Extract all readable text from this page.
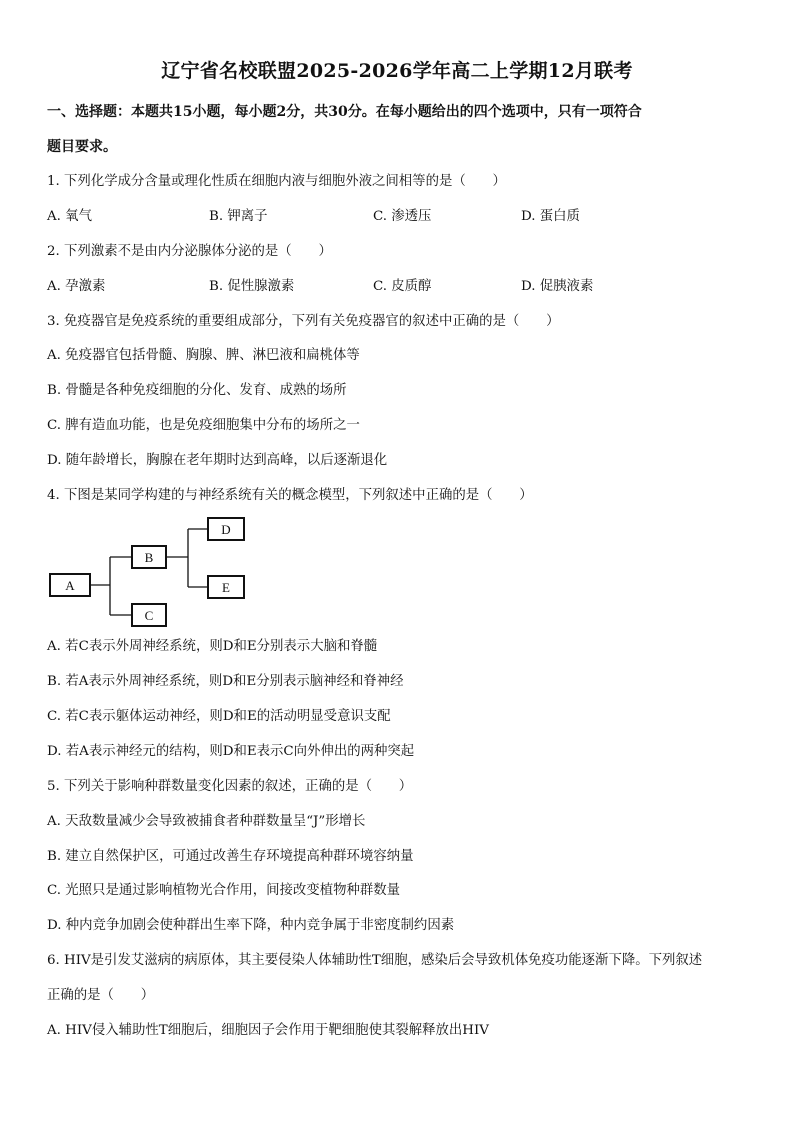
辽宁省名校联盟2025-2026学年高二上学期12月联考
一、选择题：本题共15小题，每小题2分，共30分。在每小题给出的四个选项中，只有一项符合
题目要求。
1. 下列化学成分含量或理化性质在细胞内液与细胞外液之间相等的是（　　）
A. 氧气	B. 钾离子	C. 渗透压	D. 蛋白质
2. 下列激素不是由内分泌腺体分泌的是（　　）
A. 孕激素	B. 促性腺激素	C. 皮质醇	D. 促胰液素
3. 免疫器官是免疫系统的重要组成部分，下列有关免疫器官的叙述中正确的是（　　）
A. 免疫器官包括骨髓、胸腺、脾、淋巴液和扁桃体等
B. 骨髓是各种免疫细胞的分化、发育、成熟的场所
C. 脾有造血功能，也是免疫细胞集中分布的场所之一
D. 随年龄增长，胸腺在老年期时达到高峰，以后逐渐退化
4. 下图是某同学构建的与神经系统有关的概念模型，下列叙述中正确的是（　　）
A
B
C
D
E
A. 若C表示外周神经系统，则D和E分别表示大脑和脊髓
B. 若A表示外周神经系统，则D和E分别表示脑神经和脊神经
C. 若C表示躯体运动神经，则D和E的活动明显受意识支配
D. 若A表示神经元的结构，则D和E表示C向外伸出的两种突起
5. 下列关于影响种群数量变化因素的叙述，正确的是（　　）
A. 天敌数量减少会导致被捕食者种群数量呈“J”形增长
B. 建立自然保护区，可通过改善生存环境提高种群环境容纳量
C. 光照只是通过影响植物光合作用，间接改变植物种群数量
D. 种内竞争加剧会使种群出生率下降，种内竞争属于非密度制约因素
6. HIV是引发艾滋病的病原体，其主要侵染人体辅助性T细胞，感染后会导致机体免疫功能逐渐下降。下列叙述
正确的是（　　）
A. HIV侵入辅助性T细胞后，细胞因子会作用于靶细胞使其裂解释放出HIV
